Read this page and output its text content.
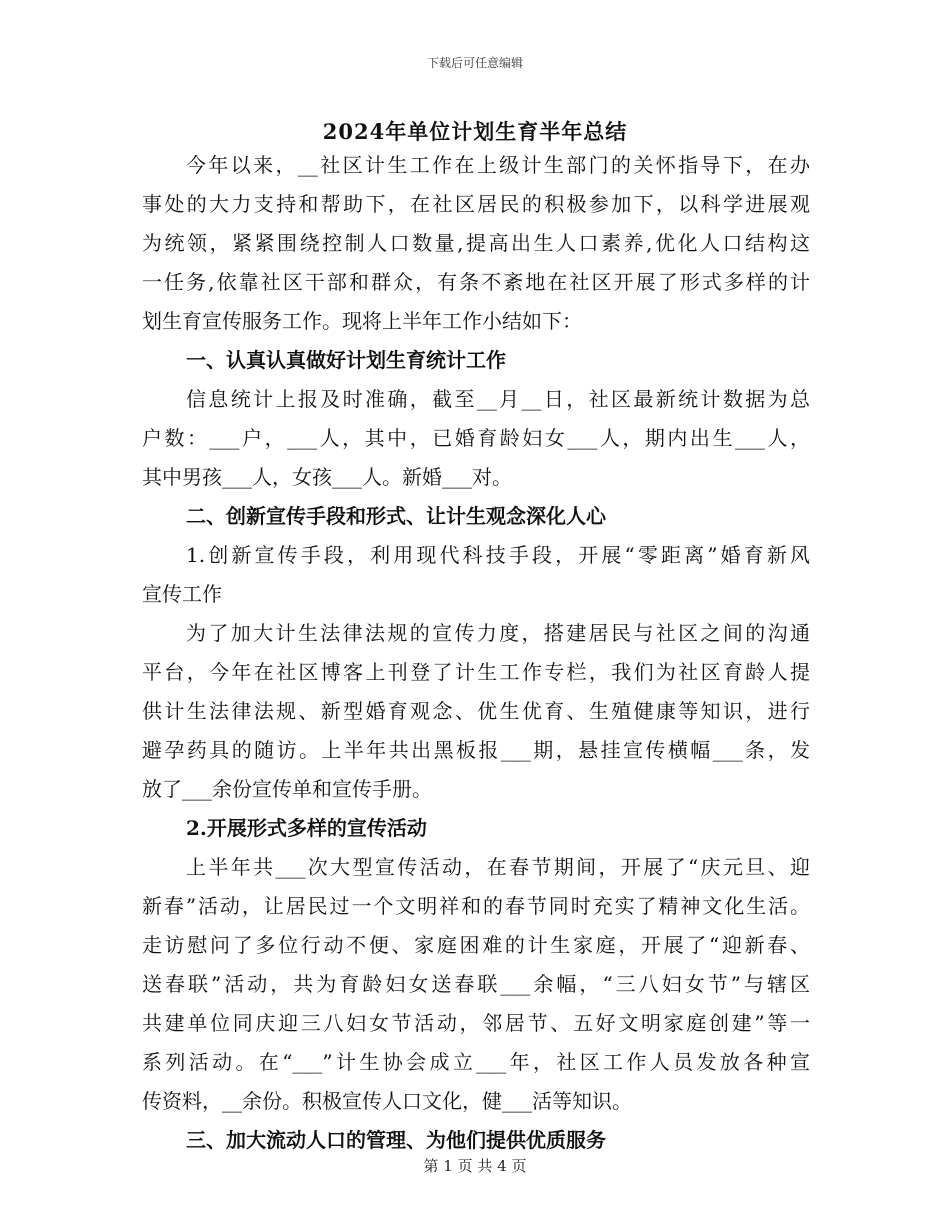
下载后可任意编辑
2024年单位计划生育半年总结
今年以来，__社区计生工作在上级计生部门的关怀指导下，在办
事处的大力支持和帮助下，在社区居民的积极参加下，以科学进展观
为统领，紧紧围绕控制人口数量,提高出生人口素养,优化人口结构这
一任务,依靠社区干部和群众，有条不紊地在社区开展了形式多样的计
划生育宣传服务工作。现将上半年工作小结如下：
一、认真认真做好计划生育统计工作
信息统计上报及时准确，截至__月__日，社区最新统计数据为总
户数：___户，___人，其中，已婚育龄妇女___人，期内出生___人，
其中男孩___人，女孩___人。新婚___对。
二、创新宣传手段和形式、让计生观念深化人心
1.创新宣传手段，利用现代科技手段，开展“零距离”婚育新风
宣传工作
为了加大计生法律法规的宣传力度，搭建居民与社区之间的沟通
平台，今年在社区博客上刊登了计生工作专栏，我们为社区育龄人提
供计生法律法规、新型婚育观念、优生优育、生殖健康等知识，进行
避孕药具的随访。上半年共出黑板报___期，悬挂宣传横幅___条，发
放了___余份宣传单和宣传手册。
2.开展形式多样的宣传活动
上半年共___次大型宣传活动，在春节期间，开展了“庆元旦、迎
新春”活动，让居民过一个文明祥和的春节同时充实了精神文化生活。
走访慰问了多位行动不便、家庭困难的计生家庭，开展了“迎新春、
送春联”活动，共为育龄妇女送春联___余幅，“三八妇女节”与辖区
共建单位同庆迎三八妇女节活动，邻居节、五好文明家庭创建”等一
系列活动。在“___”计生协会成立___年，社区工作人员发放各种宣
传资料，__余份。积极宣传人口文化，健___活等知识。
三、加大流动人口的管理、为他们提供优质服务
第 1 页 共 4 页
